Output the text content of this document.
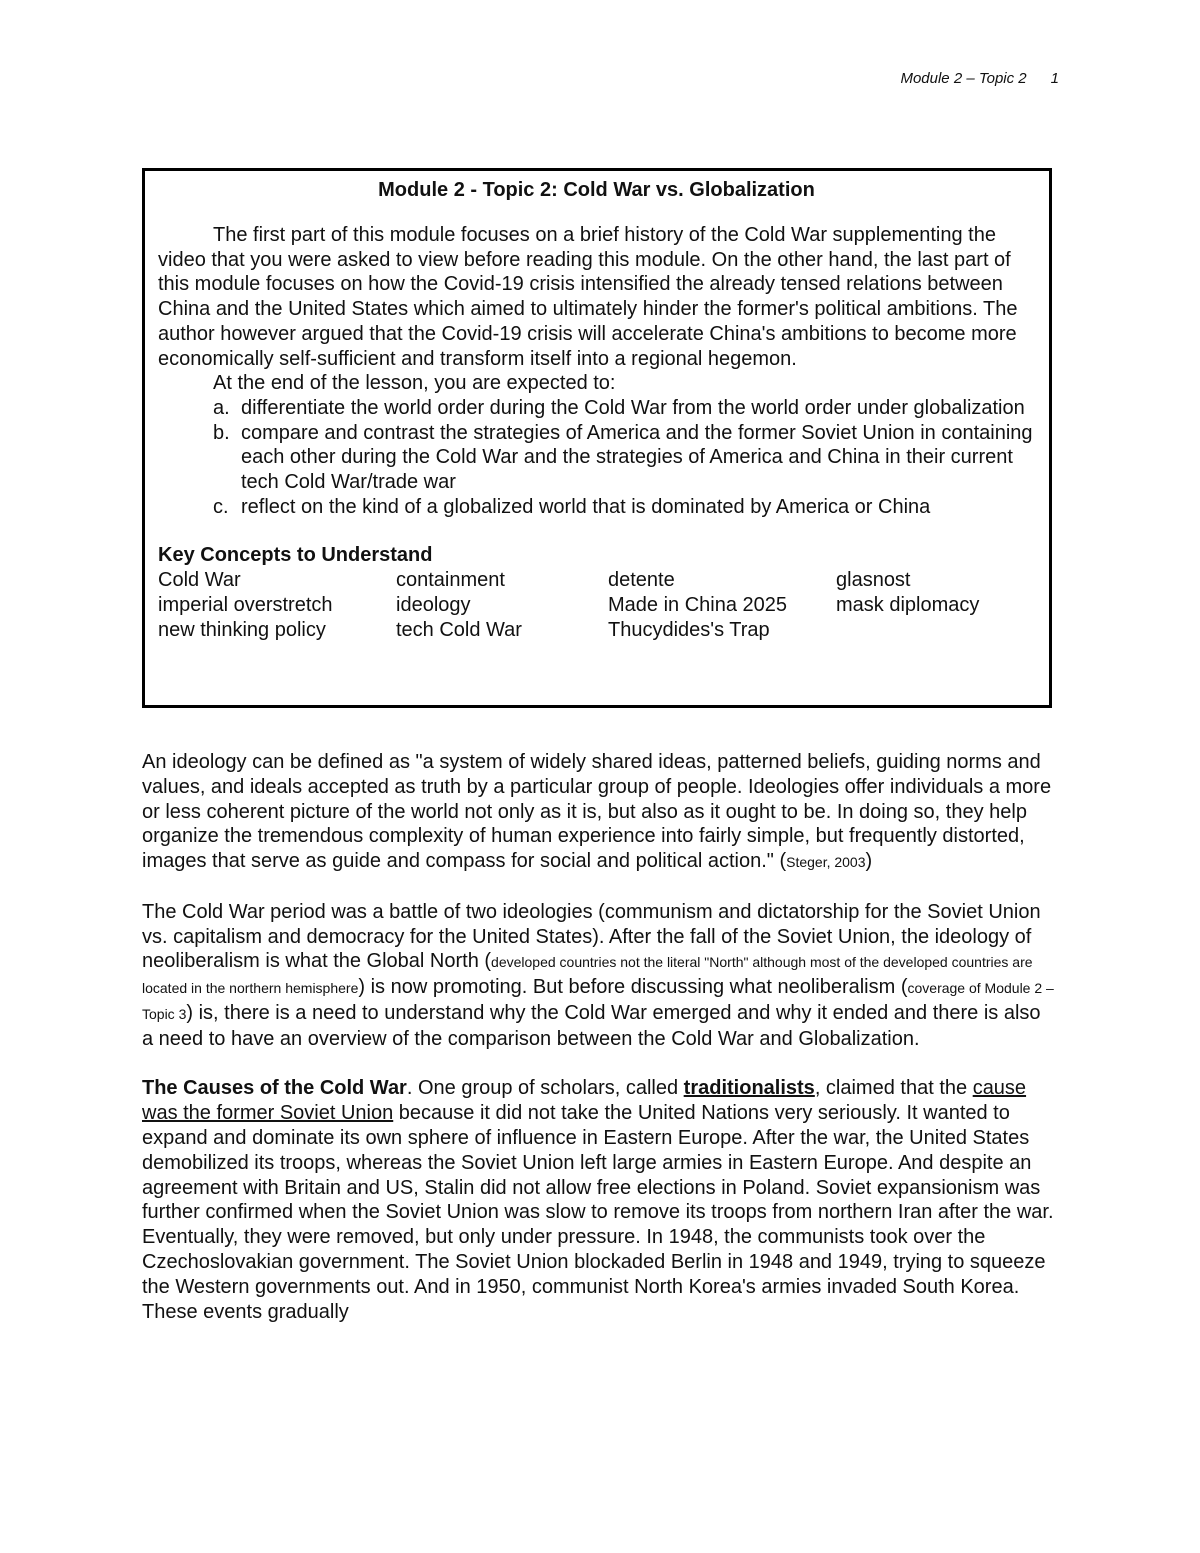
Module 2 – Topic 2 1
Module 2 - Topic 2: Cold War vs. Globalization

The first part of this module focuses on a brief history of the Cold War supplementing the video that you were asked to view before reading this module. On the other hand, the last part of this module focuses on how the Covid-19 crisis intensified the already tensed relations between China and the United States which aimed to ultimately hinder the former's political ambitions. The author however argued that the Covid-19 crisis will accelerate China's ambitions to become more economically self-sufficient and transform itself into a regional hegemon.

At the end of the lesson, you are expected to:

a. differentiate the world order during the Cold War from the world order under globalization
b. compare and contrast the strategies of America and the former Soviet Union in containing each other during the Cold War and the strategies of America and China in their current tech Cold War/trade war
c. reflect on the kind of a globalized world that is dominated by America or China
Key Concepts to Understand
Cold War	containment	detente	glasnost
imperial overstretch	ideology	Made in China 2025	mask diplomacy
new thinking policy	tech Cold War	Thucydides's Trap

An ideology can be defined as "a system of widely shared ideas, patterned beliefs, guiding norms and values, and ideals accepted as truth by a particular group of people. Ideologies offer individuals a more or less coherent picture of the world not only as it is, but also as it ought to be. In doing so, they help organize the tremendous complexity of human experience into fairly simple, but frequently distorted, images that serve as guide and compass for social and political action." (Steger, 2003)

The Cold War period was a battle of two ideologies (communism and dictatorship for the Soviet Union vs. capitalism and democracy for the United States). After the fall of the Soviet Union, the ideology of neoliberalism is what the Global North (developed countries not the literal "North" although most of the developed countries are located in the northern hemisphere) is now promoting. But before discussing what neoliberalism (coverage of Module 2 – Topic 3) is, there is a need to understand why the Cold War emerged and why it ended and there is also a need to have an overview of the comparison between the Cold War and Globalization.

The Causes of the Cold War. One group of scholars, called traditionalists, claimed that the cause was the former Soviet Union because it did not take the United Nations very seriously. It wanted to expand and dominate its own sphere of influence in Eastern Europe. After the war, the United States demobilized its troops, whereas the Soviet Union left large armies in Eastern Europe. And despite an agreement with Britain and US, Stalin did not allow free elections in Poland. Soviet expansionism was further confirmed when the Soviet Union was slow to remove its troops from northern Iran after the war. Eventually, they were removed, but only under pressure. In 1948, the communists took over the Czechoslovakian government. The Soviet Union blockaded Berlin in 1948 and 1949, trying to squeeze the Western governments out. And in 1950, communist North Korea's armies invaded South Korea. These events gradually
